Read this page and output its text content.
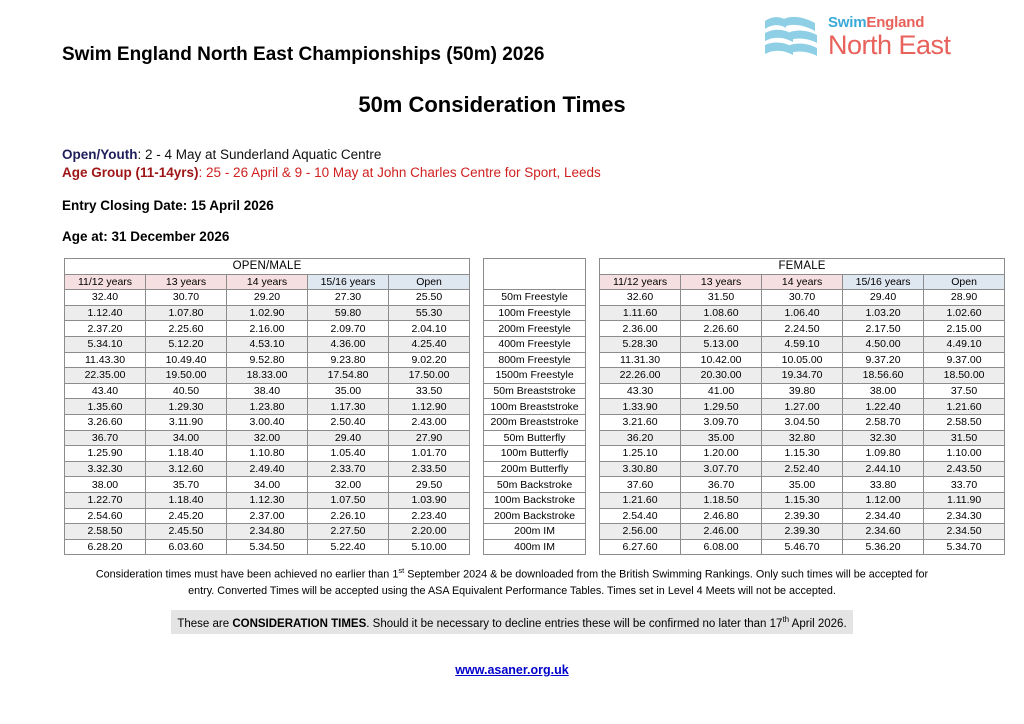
SwimEngland
North East
Swim England North East Championships (50m) 2026
50m Consideration Times
Open/Youth: 2 - 4 May at Sunderland Aquatic Centre
Age Group (11-14yrs): 25 - 26 April & 9 - 10 May at John Charles Centre for Sport, Leeds
Entry Closing Date: 15 April 2026
Age at: 31 December 2026
OPEN/MALE								FEMALE				
11/12 years	13 years	14 years	15/16 years	Open				11/12 years	13 years	14 years	15/16 years	Open
32.40	30.70	29.20	27.30	25.50		50m Freestyle		32.60	31.50	30.70	29.40	28.90
1.12.40	1.07.80	1.02.90	59.80	55.30		100m Freestyle		1.11.60	1.08.60	1.06.40	1.03.20	1.02.60
2.37.20	2.25.60	2.16.00	2.09.70	2.04.10		200m Freestyle		2.36.00	2.26.60	2.24.50	2.17.50	2.15.00
5.34.10	5.12.20	4.53.10	4.36.00	4.25.40		400m Freestyle		5.28.30	5.13.00	4.59.10	4.50.00	4.49.10
11.43.30	10.49.40	9.52.80	9.23.80	9.02.20		800m Freestyle		11.31.30	10.42.00	10.05.00	9.37.20	9.37.00
22.35.00	19.50.00	18.33.00	17.54.80	17.50.00		1500m Freestyle		22.26.00	20.30.00	19.34.70	18.56.60	18.50.00
43.40	40.50	38.40	35.00	33.50		50m Breaststroke		43.30	41.00	39.80	38.00	37.50
1.35.60	1.29.30	1.23.80	1.17.30	1.12.90		100m Breaststroke		1.33.90	1.29.50	1.27.00	1.22.40	1.21.60
3.26.60	3.11.90	3.00.40	2.50.40	2.43.00		200m Breaststroke		3.21.60	3.09.70	3.04.50	2.58.70	2.58.50
36.70	34.00	32.00	29.40	27.90		50m Butterfly		36.20	35.00	32.80	32.30	31.50
1.25.90	1.18.40	1.10.80	1.05.40	1.01.70		100m Butterfly		1.25.10	1.20.00	1.15.30	1.09.80	1.10.00
3.32.30	3.12.60	2.49.40	2.33.70	2.33.50		200m Butterfly		3.30.80	3.07.70	2.52.40	2.44.10	2.43.50
38.00	35.70	34.00	32.00	29.50		50m Backstroke		37.60	36.70	35.00	33.80	33.70
1.22.70	1.18.40	1.12.30	1.07.50	1.03.90		100m Backstroke		1.21.60	1.18.50	1.15.30	1.12.00	1.11.90
2.54.60	2.45.20	2.37.00	2.26.10	2.23.40		200m Backstroke		2.54.40	2.46.80	2.39.30	2.34.40	2.34.30
2.58.50	2.45.50	2.34.80	2.27.50	2.20.00		200m IM		2.56.00	2.46.00	2.39.30	2.34.60	2.34.50
6.28.20	6.03.60	5.34.50	5.22.40	5.10.00		400m IM		6.27.60	6.08.00	5.46.70	5.36.20	5.34.70
Consideration times must have been achieved no earlier than 1st September 2024 & be downloaded from the British Swimming Rankings. Only such times will be accepted for entry. Converted Times will be accepted using the ASA Equivalent Performance Tables. Times set in Level 4 Meets will not be accepted.
These are CONSIDERATION TIMES. Should it be necessary to decline entries these will be confirmed no later than 17th April 2026.
www.asaner.org.uk
